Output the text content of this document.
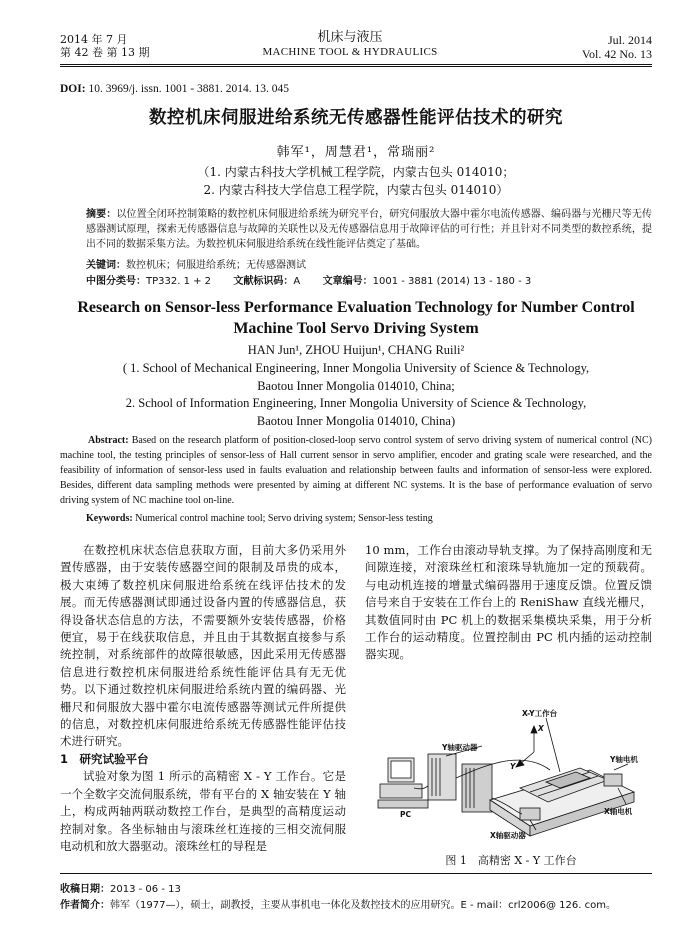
2014 年 7 月
第 42 卷 第 13 期
机床与液压
MACHINE TOOL & HYDRAULICS
Jul. 2014
Vol. 42 No. 13
DOI: 10. 3969/j. issn. 1001 - 3881. 2014. 13. 045
数控机床伺服进给系统无传感器性能评估技术的研究
韩军¹，周慧君¹，常瑞丽²
（1. 内蒙古科技大学机械工程学院，内蒙古包头 014010；
2. 内蒙古科技大学信息工程学院，内蒙古包头 014010）
摘要：以位置全闭环控制策略的数控机床伺服进给系统为研究平台，研究伺服放大器中霍尔电流传感器、编码器与光栅尺等无传感器测试原理，探索无传感器信息与故障的关联性以及无传感器信息用于故障评估的可行性；并且针对不同类型的数控系统，提出不同的数据采集方法。为数控机床伺服进给系统在线性能评估奠定了基础。
关键词：数控机床；伺服进给系统；无传感器测试
中图分类号：TP332. 1 + 2 文献标识码：A 文章编号：1001 - 3881 (2014) 13 - 180 - 3
Research on Sensor-less Performance Evaluation Technology for Number Control
Machine Tool Servo Driving System
HAN Jun¹, ZHOU Huijun¹, CHANG Ruili²
( 1. School of Mechanical Engineering, Inner Mongolia University of Science & Technology,
Baotou Inner Mongolia 014010, China;
2. School of Information Engineering, Inner Mongolia University of Science & Technology,
Baotou Inner Mongolia 014010, China)
Abstract: Based on the research platform of position-closed-loop servo control system of servo driving system of numerical control (NC) machine tool, the testing principles of sensor-less of Hall current sensor in servo amplifier, encoder and grating scale were researched, and the feasibility of information of sensor-less used in faults evaluation and relationship between faults and information of sensor-less were explored. Besides, different data sampling methods were presented by aiming at different NC systems. It is the base of performance evaluation of servo driving system of NC machine tool on-line.
Keywords: Numerical control machine tool; Servo driving system; Sensor-less testing
在数控机床状态信息获取方面，目前大多仍采用外置传感器，由于安装传感器空间的限制及昂贵的成本，极大束缚了数控机床伺服进给系统在线评估技术的发展。而无传感器测试即通过设备内置的传感器信息，获得设备状态信息的方法，不需要额外安装传感器，价格便宜，易于在线获取信息，并且由于其数据直接参与系统控制，对系统部件的故障很敏感，因此采用无传感器信息进行数控机床伺服进给系统性能评估具有无无优势。以下通过数控机床伺服进给系统内置的编码器、光栅尺和伺服放大器中霍尔电流传感器等测试元件所提供的信息，对数控机床伺服进给系统无传感器性能评估技术进行研究。
1　研究试验平台
试验对象为图 1 所示的高精密 X - Y 工作台。它是一个全数字交流伺服系统，带有平台的 X 轴安装在 Y 轴上，构成两轴两联动数控工作台，是典型的高精度运动控制对象。各坐标轴由与滚珠丝杠连接的三相交流伺服电动机和放大器驱动。滚珠丝杠的导程是
10 mm，工作台由滚动导轨支撑。为了保持高刚度和无间隙连接，对滚珠丝杠和滚珠导轨施加一定的预载荷。与电动机连接的增量式编码器用于速度反馈。位置反馈信号来自于安装在工作台上的 ReniShaw 直线光栅尺，其数值同时由 PC 机上的数据采集模块采集，用于分析工作台的运动精度。位置控制由 PC 机内插的运动控制器实现。
X-Y工作台
Y轴驱动器
Y轴电机
X
Y
PC
X轴驱动器
X轴电机
图 1　高精密 X - Y 工作台
收稿日期：2013 - 06 - 13
作者简介：韩军（1977—），硕士，副教授，主要从事机电一体化及数控技术的应用研究。E - mail：crl2006@ 126. com。
